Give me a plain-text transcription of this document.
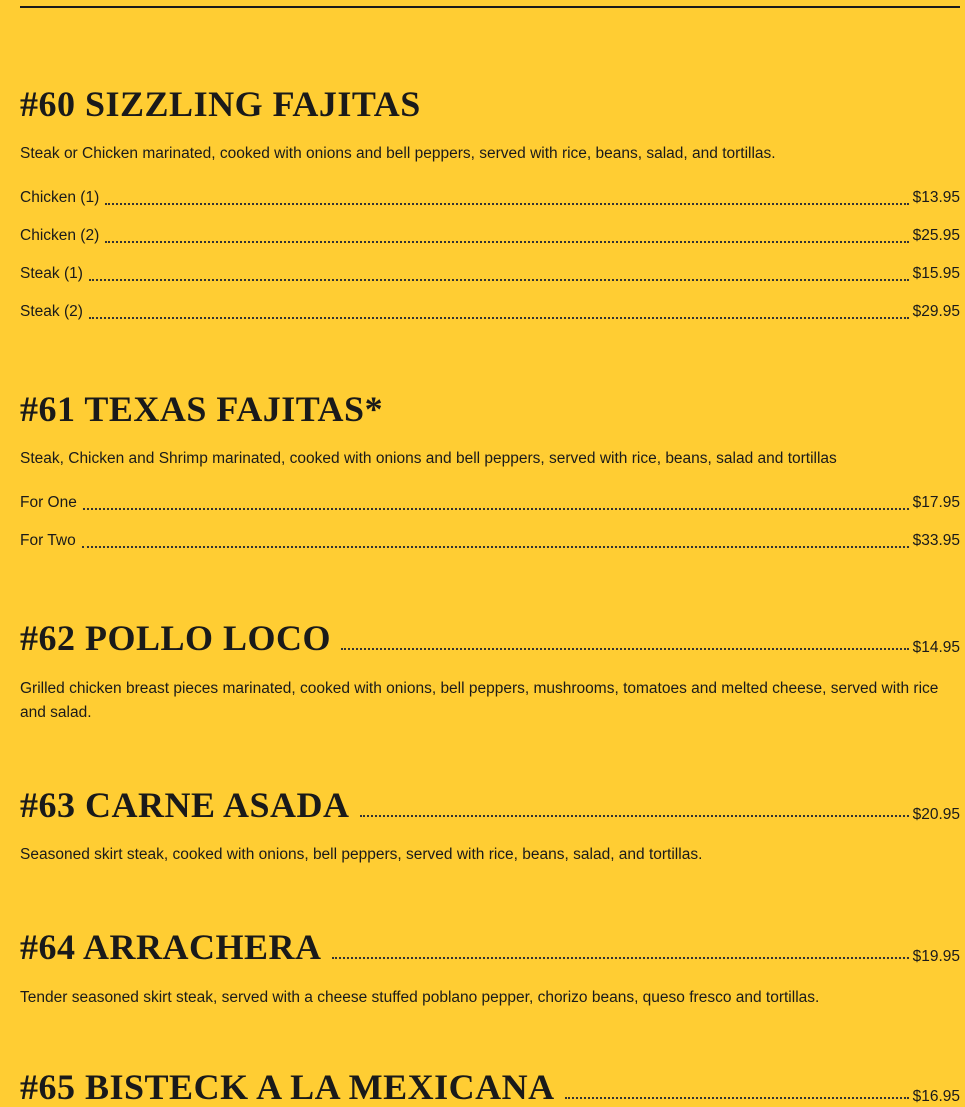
#60 SIZZLING FAJITAS

Steak or Chicken marinated, cooked with onions and bell peppers, served with rice, beans, salad, and tortillas.

Chicken (1)	$13.95
Chicken (2)	$25.95
Steak (1)	$15.95
Steak (2)	$29.95
#61 TEXAS FAJITAS*

Steak, Chicken and Shrimp marinated, cooked with onions and bell peppers, served with rice, beans, salad and tortillas

For One	$17.95
For Two	$33.95
#62 POLLO LOCO	$14.95

Grilled chicken breast pieces marinated, cooked with onions, bell peppers, mushrooms, tomatoes and melted cheese, served with rice and salad.

#63 CARNE ASADA	$20.95

Seasoned skirt steak, cooked with onions, bell peppers, served with rice, beans, salad, and tortillas.

#64 ARRACHERA	$19.95

Tender seasoned skirt steak, served with a cheese stuffed poblano pepper, chorizo beans, queso fresco and tortillas.

#65 BISTECK A LA MEXICANA	$16.95
